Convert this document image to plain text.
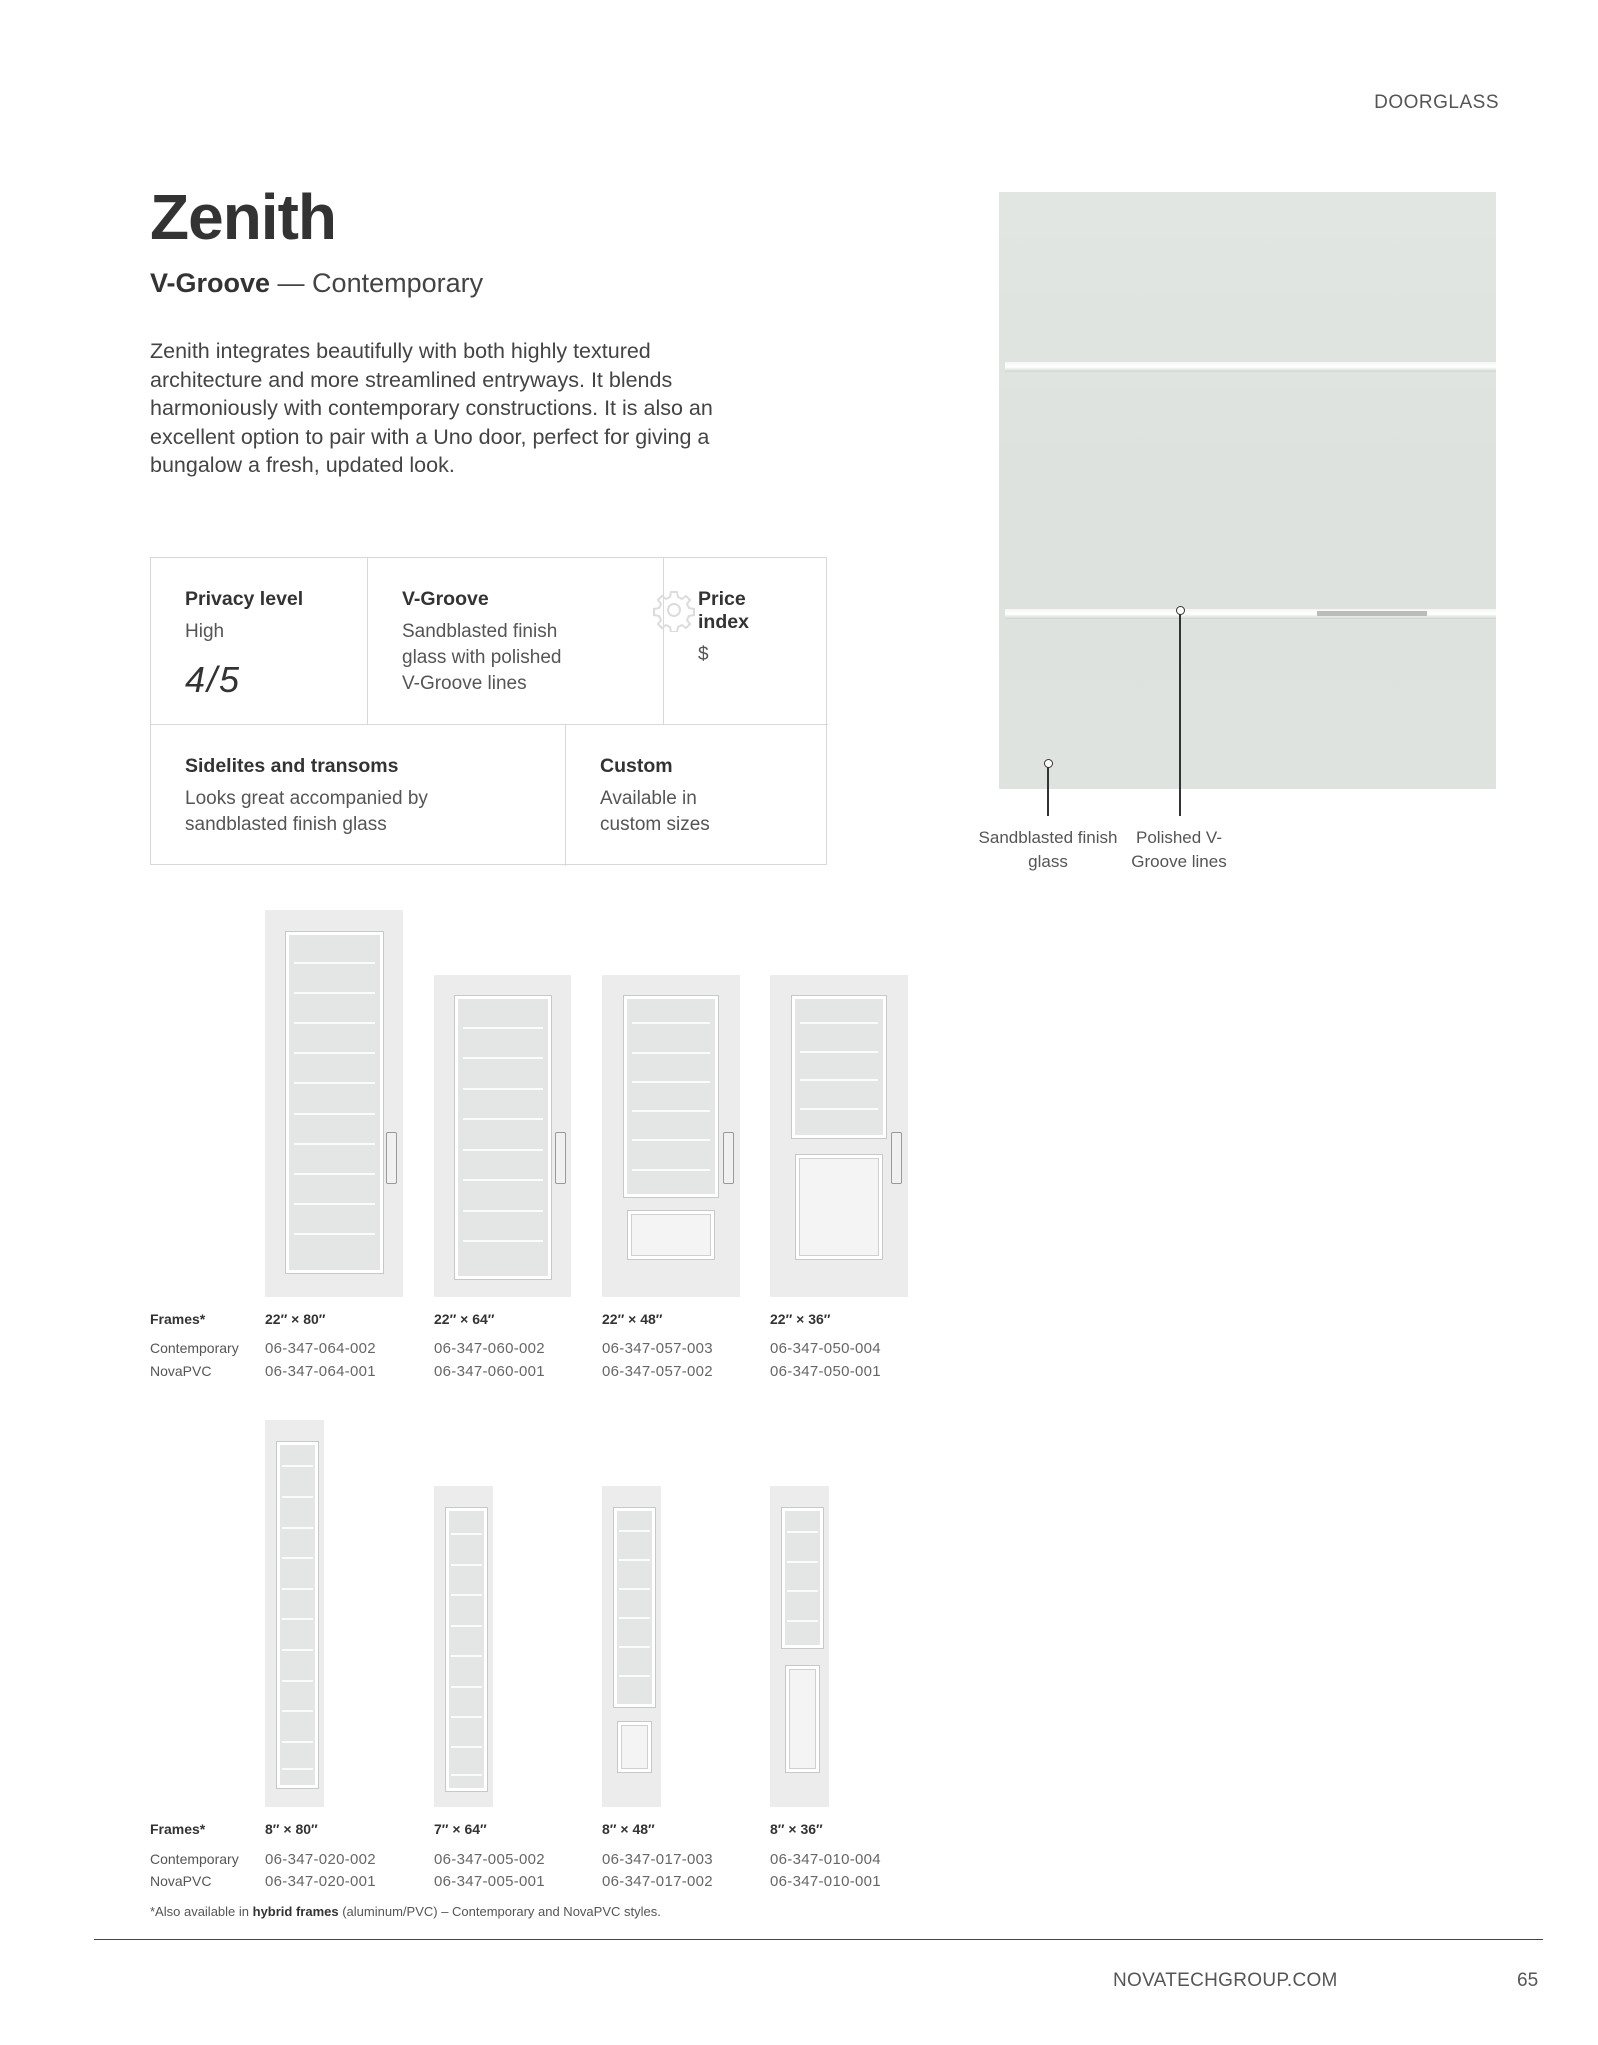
DOORGLASS
Zenith
V-Groove — Contemporary
Zenith integrates beautifully with both highly textured architecture and more streamlined entryways. It blends harmoniously with contemporary constructions. It is also an excellent option to pair with a Uno door, perfect for giving a bungalow a fresh, updated look.
Privacy level
High
4/5
V-Groove
Sandblasted finish glass with polished V-Groove lines
Price index
$
Sidelites and transoms
Looks great accompanied by sandblasted finish glass
Custom
Available in custom sizes
Sandblasted finish glass
Polished V-Groove lines
Frames*
Contemporary
NovaPVC
22″ × 80″
06-347-064-002
06-347-064-001
22″ × 64″
06-347-060-002
06-347-060-001
22″ × 48″
06-347-057-003
06-347-057-002
22″ × 36″
06-347-050-004
06-347-050-001
Frames*
Contemporary
NovaPVC
8″ × 80″
06-347-020-002
06-347-020-001
7″ × 64″
06-347-005-002
06-347-005-001
8″ × 48″
06-347-017-003
06-347-017-002
8″ × 36″
06-347-010-004
06-347-010-001
*Also available in hybrid frames (aluminum/PVC) – Contemporary and NovaPVC styles.
NOVATECHGROUP.COM	65
